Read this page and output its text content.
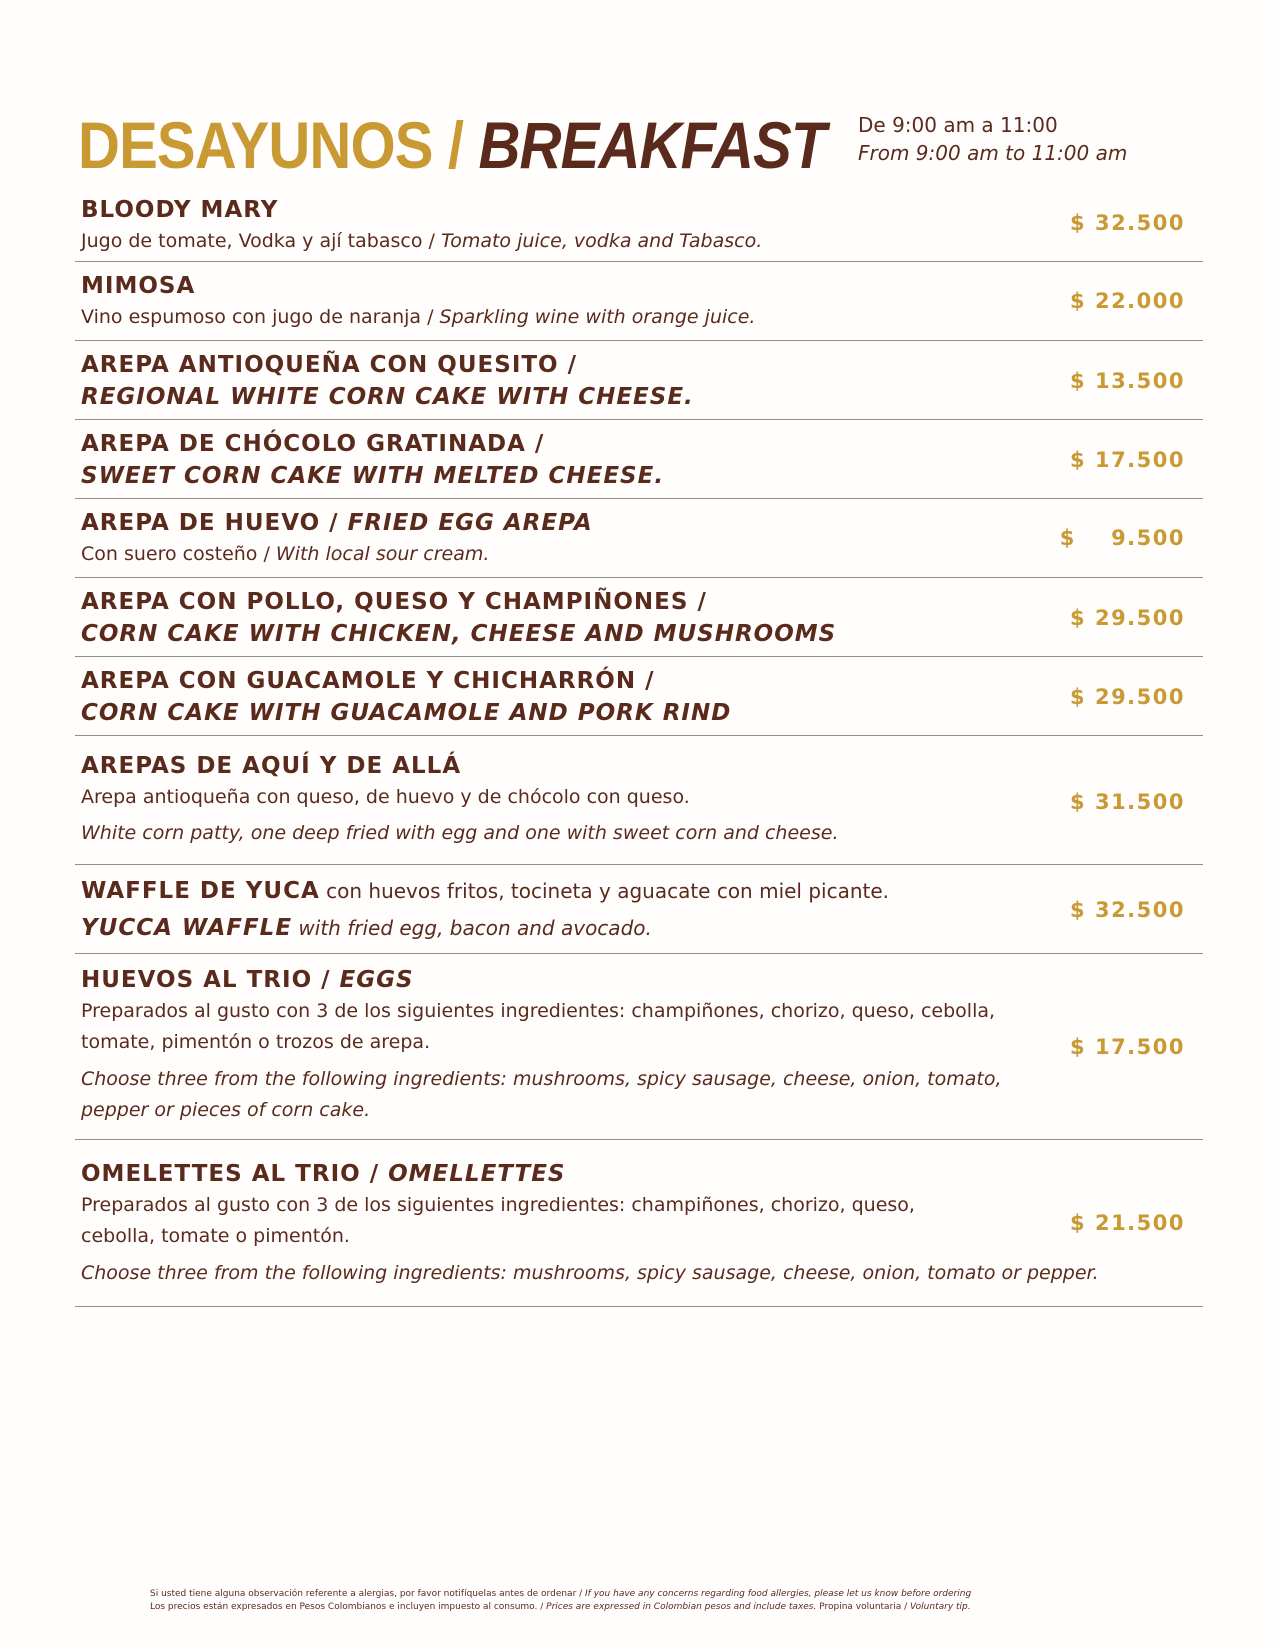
DESAYUNOS / BREAKFAST De 9:00 am a 11:00
From 9:00 am to 11:00 am
BLOODY MARY
Jugo de tomate, Vodka y ají tabasco / Tomato juice, vodka and Tabasco.
$ 32.500
MIMOSA
Vino espumoso con jugo de naranja / Sparkling wine with orange juice.
$ 22.000
AREPA ANTIOQUEÑA CON QUESITO /
REGIONAL WHITE CORN CAKE WITH CHEESE.
$ 13.500
AREPA DE CHÓCOLO GRATINADA /
SWEET CORN CAKE WITH MELTED CHEESE.
$ 17.500
AREPA DE HUEVO / FRIED EGG AREPA
Con suero costeño / With local sour cream.
$    9.500
AREPA CON POLLO, QUESO Y CHAMPIÑONES /
CORN CAKE WITH CHICKEN, CHEESE AND MUSHROOMS
$ 29.500
AREPA CON GUACAMOLE Y CHICHARRÓN /
CORN CAKE WITH GUACAMOLE AND PORK RIND
$ 29.500
AREPAS DE AQUÍ Y DE ALLÁ
Arepa antioqueña con queso, de huevo y de chócolo con queso.
White corn patty, one deep fried with egg and one with sweet corn and cheese.
$ 31.500
WAFFLE DE YUCA con huevos fritos, tocineta y aguacate con miel picante.
YUCCA WAFFLE with fried egg, bacon and avocado.
$ 32.500
HUEVOS AL TRIO / EGGS
Preparados al gusto con 3 de los siguientes ingredientes: champiñones, chorizo, queso, cebolla, tomate, pimentón o trozos de arepa.
Choose three from the following ingredients: mushrooms, spicy sausage, cheese, onion, tomato, pepper or pieces of corn cake.
$ 17.500
OMELETTES AL TRIO / OMELLETTES
Preparados al gusto con 3 de los siguientes ingredientes: champiñones, chorizo, queso, cebolla, tomate o pimentón.
Choose three from the following ingredients: mushrooms, spicy sausage, cheese, onion, tomato or pepper.
$ 21.500
Si usted tiene alguna observación referente a alergias, por favor notifíquelas antes de ordenar / If you have any concerns regarding food allergies, please let us know before ordering
Los precios están expresados en Pesos Colombianos e incluyen impuesto al consumo. / Prices are expressed in Colombian pesos and include taxes. Propina voluntaria / Voluntary tip.
